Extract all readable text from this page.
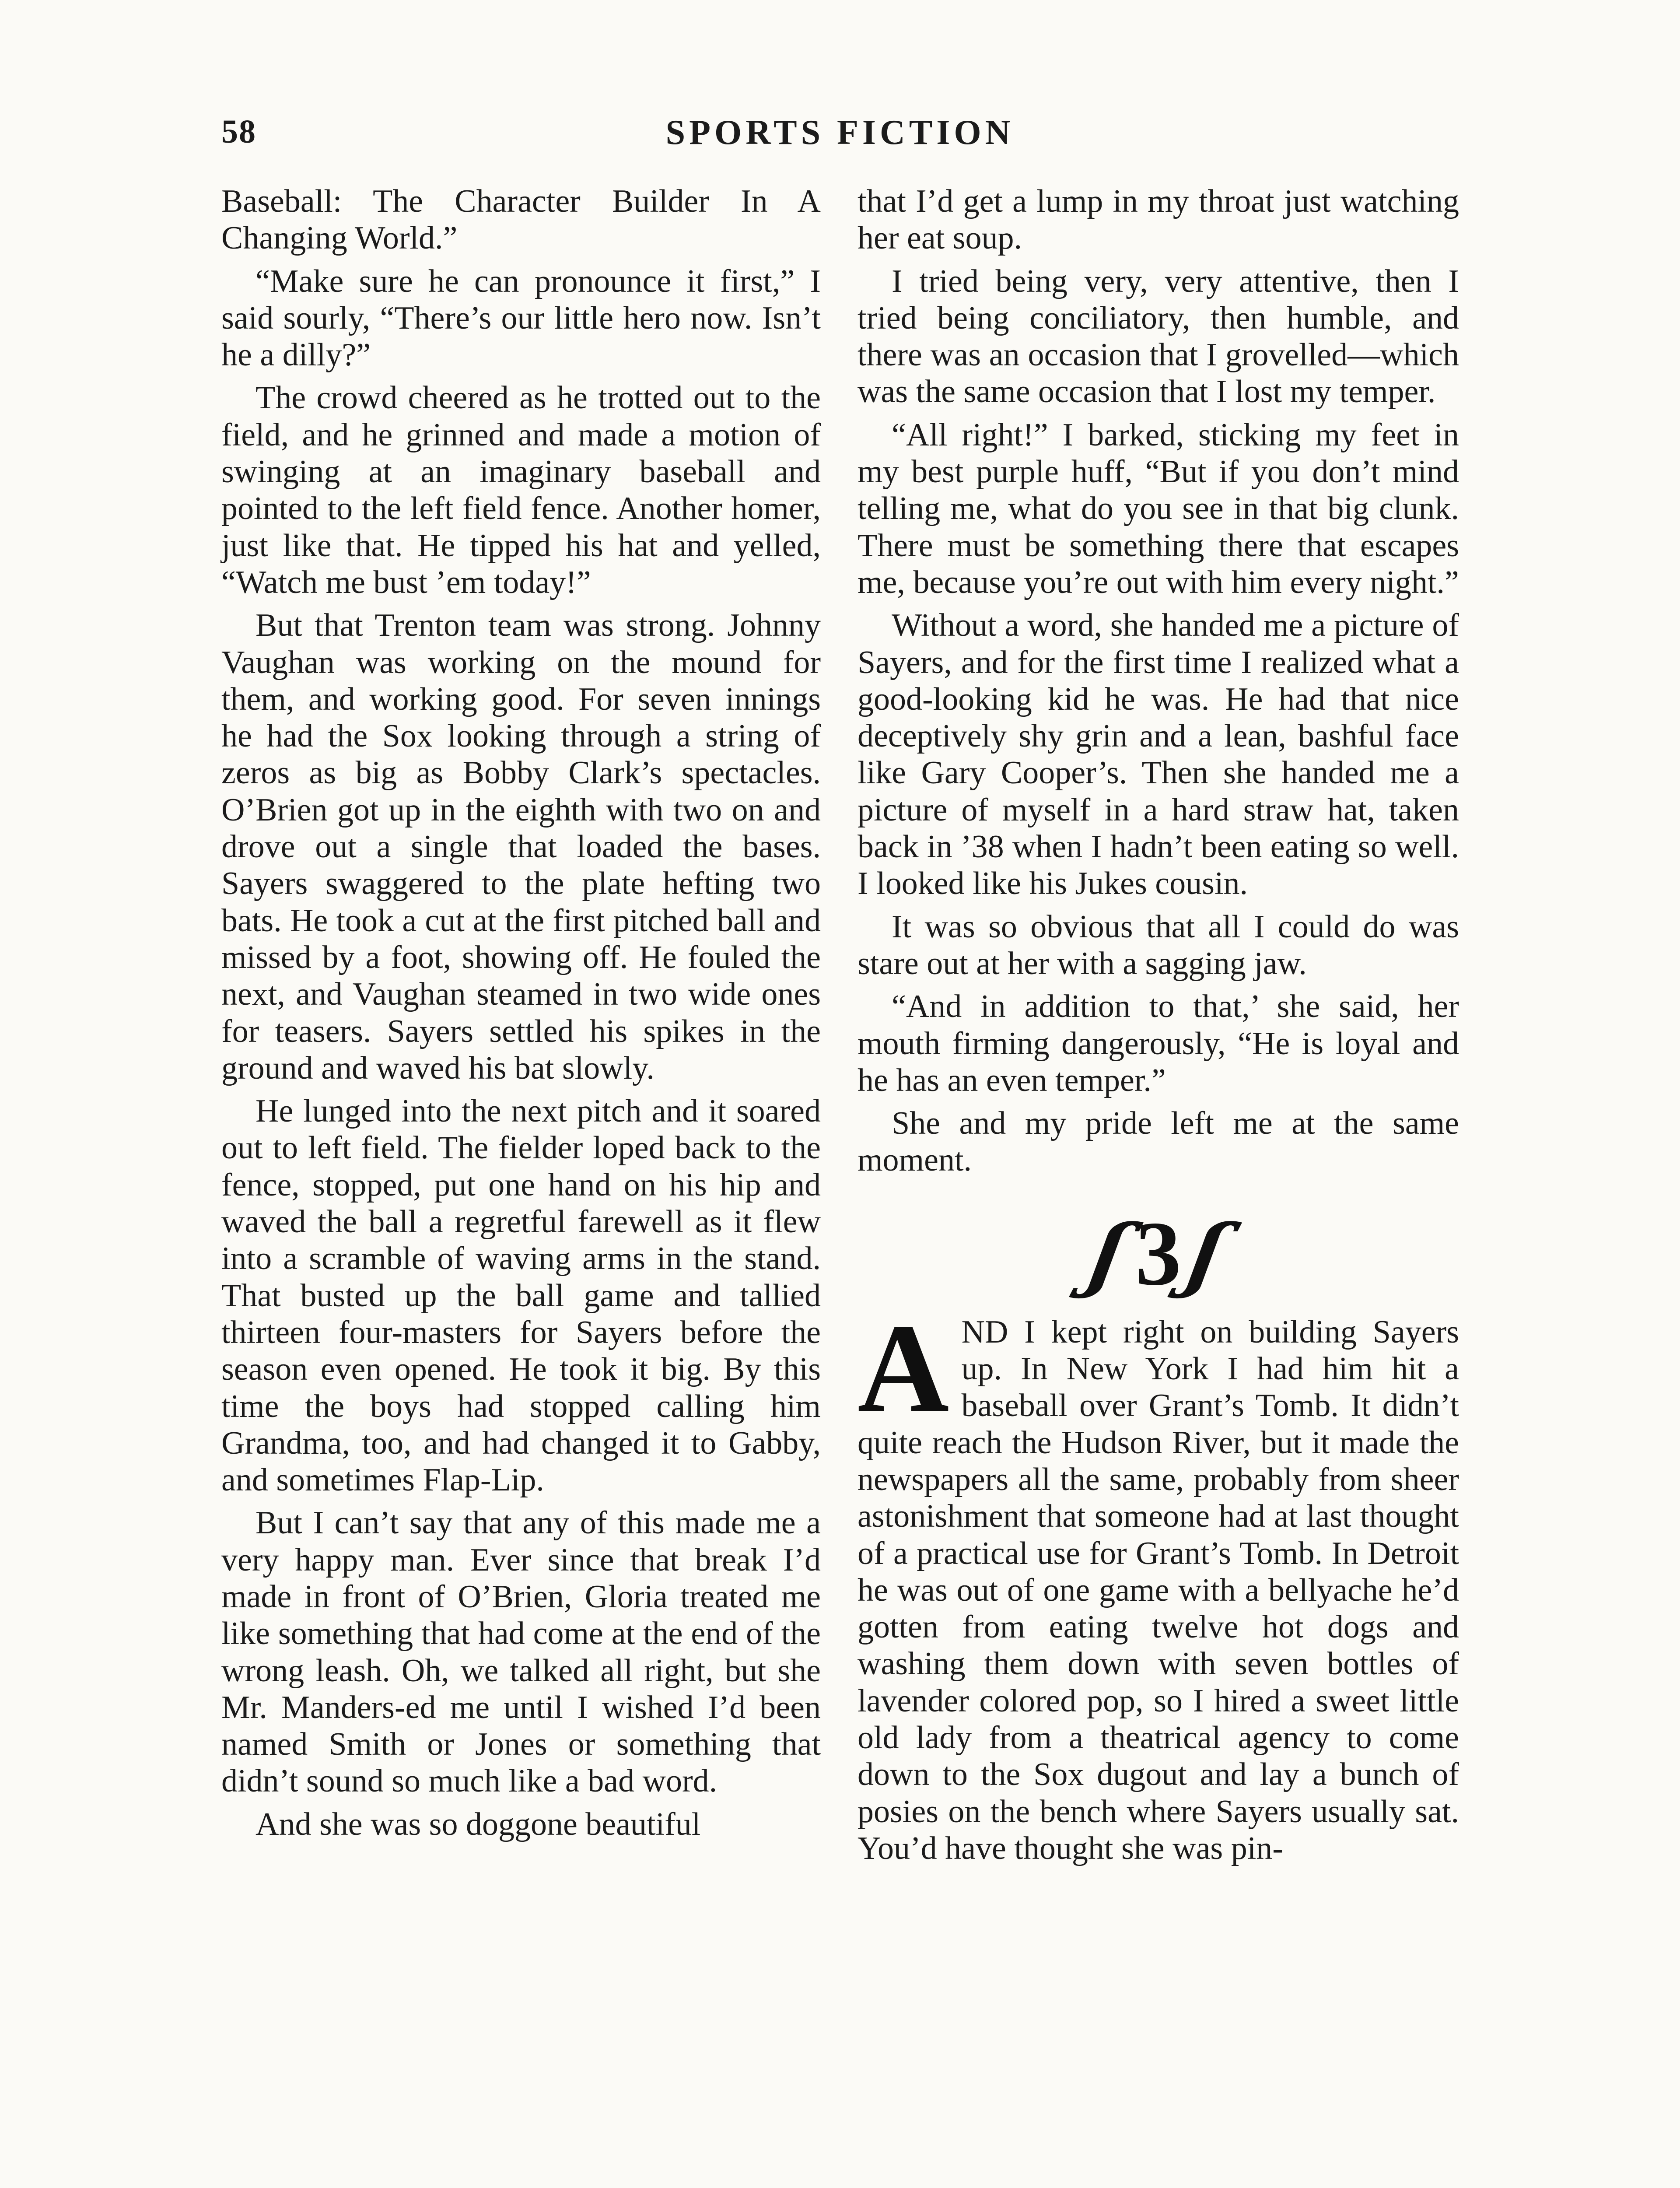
58	SPORTS FICTION

Baseball: The Character Builder In A Changing World.”

“Make sure he can pronounce it first,” I said sourly, “There’s our little hero now. Isn’t he a dilly?”

The crowd cheered as he trotted out to the field, and he grinned and made a motion of swinging at an imaginary baseball and pointed to the left field fence. Another homer, just like that. He tipped his hat and yelled, “Watch me bust ’em today!”

But that Trenton team was strong. Johnny Vaughan was working on the mound for them, and working good. For seven innings he had the Sox looking through a string of zeros as big as Bobby Clark’s spectacles. O’Brien got up in the eighth with two on and drove out a single that loaded the bases. Sayers swaggered to the plate hefting two bats. He took a cut at the first pitched ball and missed by a foot, showing off. He fouled the next, and Vaughan steamed in two wide ones for teasers. Sayers settled his spikes in the ground and waved his bat slowly.

He lunged into the next pitch and it soared out to left field. The fielder loped back to the fence, stopped, put one hand on his hip and waved the ball a regretful farewell as it flew into a scramble of waving arms in the stand. That busted up the ball game and tallied thirteen four-masters for Sayers before the season even opened. He took it big. By this time the boys had stopped calling him Grandma, too, and had changed it to Gabby, and sometimes Flap-Lip.

But I can’t say that any of this made me a very happy man. Ever since that break I’d made in front of O’Brien, Gloria treated me like something that had come at the end of the wrong leash. Oh, we talked all right, but she Mr. Manders-ed me until I wished I’d been named Smith or Jones or something that didn’t sound so much like a bad word.

And she was so doggone beautiful

that I’d get a lump in my throat just watching her eat soup.

I tried being very, very attentive, then I tried being conciliatory, then humble, and there was an occasion that I grovelled—which was the same occasion that I lost my temper.

“All right!” I barked, sticking my feet in my best purple huff, “But if you don’t mind telling me, what do you see in that big clunk. There must be something there that escapes me, because you’re out with him every night.”

Without a word, she handed me a picture of Sayers, and for the first time I realized what a good-looking kid he was. He had that nice deceptively shy grin and a lean, bashful face like Gary Cooper’s. Then she handed me a picture of myself in a hard straw hat, taken back in ’38 when I hadn’t been eating so well. I looked like his Jukes cousin.

It was so obvious that all I could do was stare out at her with a sagging jaw.

“And in addition to that,’ she said, her mouth firming dangerously, “He is loyal and he has an even temper.”

She and my pride left me at the same moment.

ʃ
3
ʃ

AND I kept right on building Sayers up. In New York I had him hit a baseball over Grant’s Tomb. It didn’t quite reach the Hudson River, but it made the newspapers all the same, probably from sheer astonishment that someone had at last thought of a practical use for Grant’s Tomb. In Detroit he was out of one game with a bellyache he’d gotten from eating twelve hot dogs and washing them down with seven bottles of lavender colored pop, so I hired a sweet little old lady from a theatrical agency to come down to the Sox dugout and lay a bunch of posies on the bench where Sayers usually sat. You’d have thought she was pin-
